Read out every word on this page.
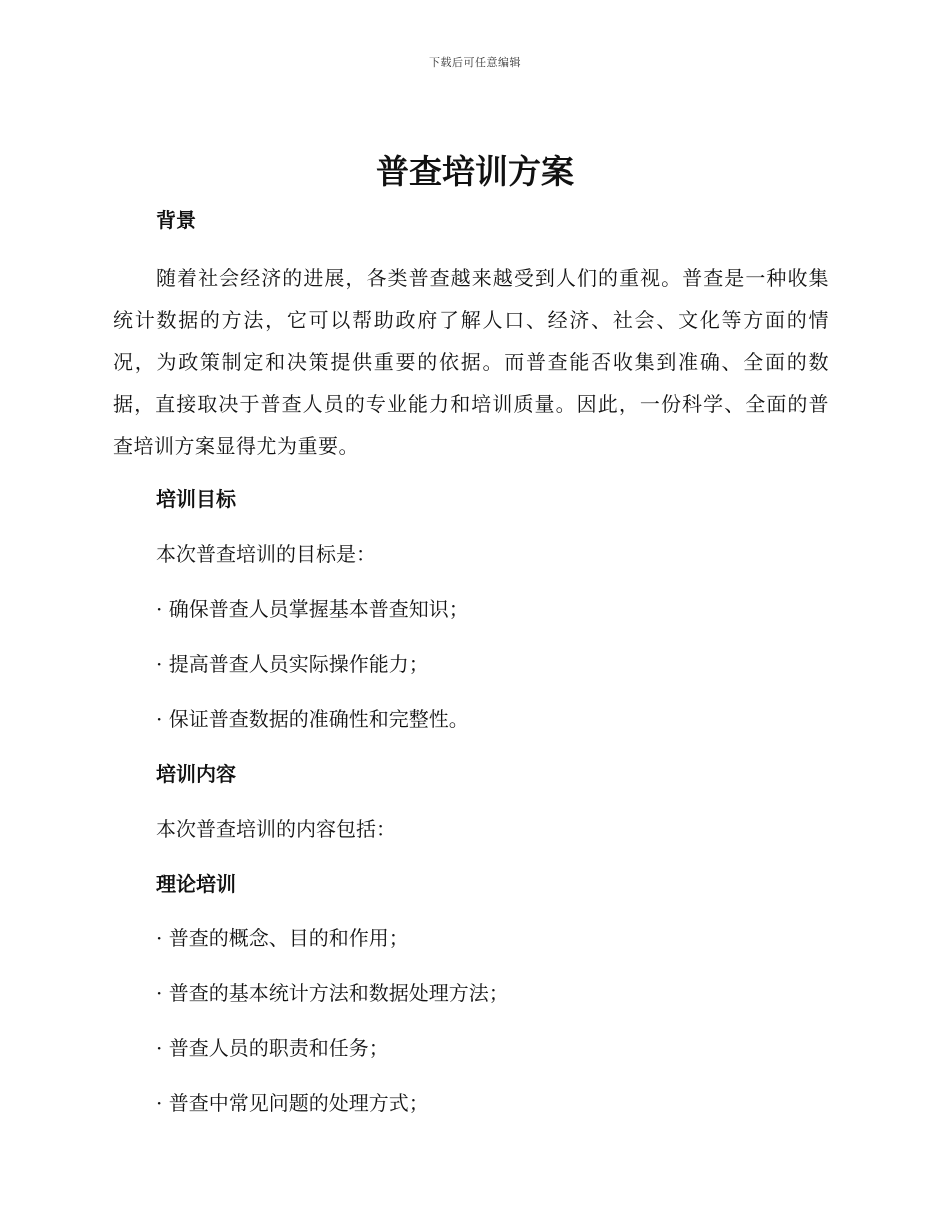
下载后可任意编辑
普查培训方案
背景

随着社会经济的进展，各类普查越来越受到人们的重视。普查是一种收集统计数据的方法，它可以帮助政府了解人口、经济、社会、文化等方面的情况，为政策制定和决策提供重要的依据。而普查能否收集到准确、全面的数据，直接取决于普查人员的专业能力和培训质量。因此，一份科学、全面的普查培训方案显得尤为重要。

培训目标

本次普查培训的目标是：

· 确保普查人员掌握基本普查知识；

· 提高普查人员实际操作能力；

· 保证普查数据的准确性和完整性。

培训内容

本次普查培训的内容包括：

理论培训

· 普查的概念、目的和作用；

· 普查的基本统计方法和数据处理方法；

· 普查人员的职责和任务；

· 普查中常见问题的处理方式；
